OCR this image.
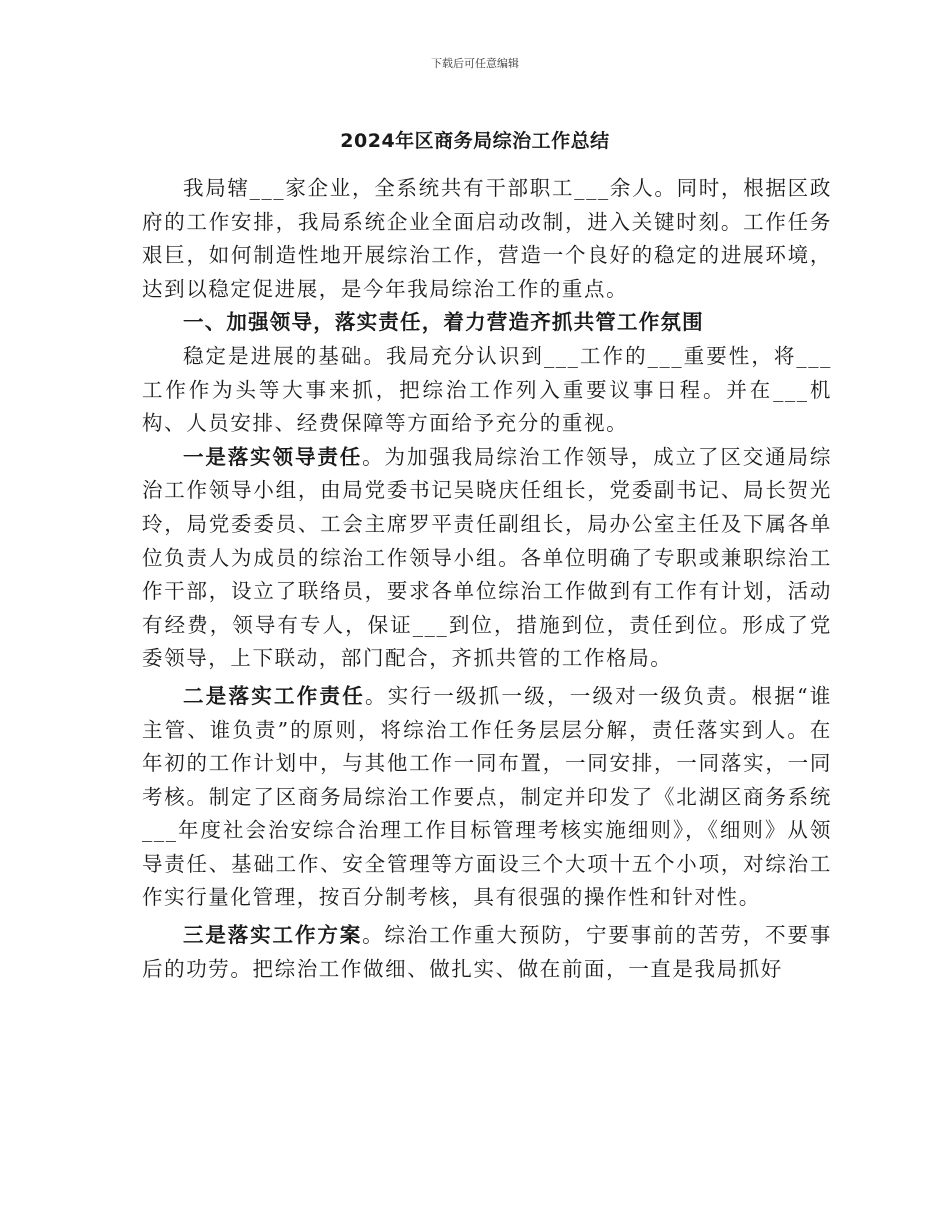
下载后可任意编辑
2024年区商务局综治工作总结

我局辖___家企业，全系统共有干部职工___余人。同时，根据区政府的工作安排，我局系统企业全面启动改制，进入关键时刻。工作任务艰巨，如何制造性地开展综治工作，营造一个良好的稳定的进展环境，达到以稳定促进展，是今年我局综治工作的重点。

一、加强领导，落实责任，着力营造齐抓共管工作氛围

稳定是进展的基础。我局充分认识到___工作的___重要性，将___工作作为头等大事来抓，把综治工作列入重要议事日程。并在___机构、人员安排、经费保障等方面给予充分的重视。

一是落实领导责任。为加强我局综治工作领导，成立了区交通局综治工作领导小组，由局党委书记吴晓庆任组长，党委副书记、局长贺光玲，局党委委员、工会主席罗平责任副组长，局办公室主任及下属各单位负责人为成员的综治工作领导小组。各单位明确了专职或兼职综治工作干部，设立了联络员，要求各单位综治工作做到有工作有计划，活动有经费，领导有专人，保证___到位，措施到位，责任到位。形成了党委领导，上下联动，部门配合，齐抓共管的工作格局。

二是落实工作责任。实行一级抓一级，一级对一级负责。根据“谁主管、谁负责”的原则，将综治工作任务层层分解，责任落实到人。在年初的工作计划中，与其他工作一同布置，一同安排，一同落实，一同考核。制定了区商务局综治工作要点，制定并印发了《北湖区商务系统___年度社会治安综合治理工作目标管理考核实施细则》，《细则》从领导责任、基础工作、安全管理等方面设三个大项十五个小项，对综治工作实行量化管理，按百分制考核，具有很强的操作性和针对性。

三是落实工作方案。综治工作重大预防，宁要事前的苦劳，不要事后的功劳。把综治工作做细、做扎实、做在前面，一直是我局抓好
